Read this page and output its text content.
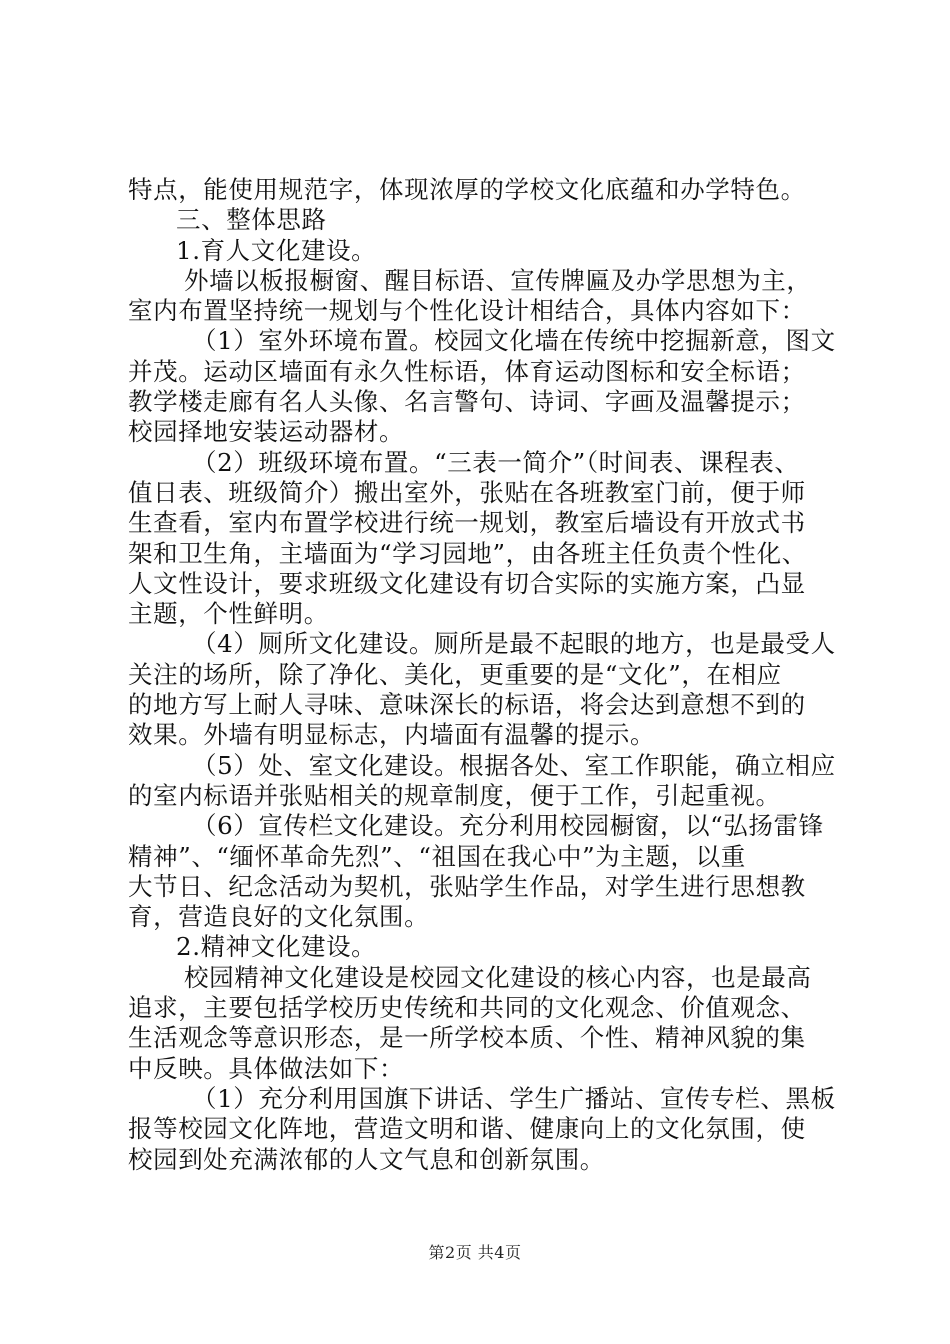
特点，能使用规范字，体现浓厚的学校文化底蕴和办学特色。
三、整体思路
1.育人文化建设。
外墙以板报橱窗、醒目标语、宣传牌匾及办学思想为主，
室内布置坚持统一规划与个性化设计相结合，具体内容如下：
（1）室外环境布置。校园文化墙在传统中挖掘新意，图文
并茂。运动区墙面有永久性标语，体育运动图标和安全标语；
教学楼走廊有名人头像、名言警句、诗词、字画及温馨提示；
校园择地安装运动器材。
（2）班级环境布置。“三表一简介”（时间表、课程表、
值日表、班级简介）搬出室外，张贴在各班教室门前，便于师
生查看，室内布置学校进行统一规划，教室后墙设有开放式书
架和卫生角，主墙面为“学习园地”，由各班主任负责个性化、
人文性设计，要求班级文化建设有切合实际的实施方案，凸显
主题，个性鲜明。
（4）厕所文化建设。厕所是最不起眼的地方，也是最受人
关注的场所，除了净化、美化，更重要的是“文化”，在相应
的地方写上耐人寻味、意味深长的标语，将会达到意想不到的
效果。外墙有明显标志，内墙面有温馨的提示。
（5）处、室文化建设。根据各处、室工作职能，确立相应
的室内标语并张贴相关的规章制度，便于工作，引起重视。
（6）宣传栏文化建设。充分利用校园橱窗，以“弘扬雷锋
精神”、“缅怀革命先烈”、“祖国在我心中”为主题，以重
大节日、纪念活动为契机，张贴学生作品，对学生进行思想教
育，营造良好的文化氛围。
2.精神文化建设。
校园精神文化建设是校园文化建设的核心内容，也是最高
追求，主要包括学校历史传统和共同的文化观念、价值观念、
生活观念等意识形态，是一所学校本质、个性、精神风貌的集
中反映。具体做法如下：
（1）充分利用国旗下讲话、学生广播站、宣传专栏、黑板
报等校园文化阵地，营造文明和谐、健康向上的文化氛围，使
校园到处充满浓郁的人文气息和创新氛围。
第2页 共4页
